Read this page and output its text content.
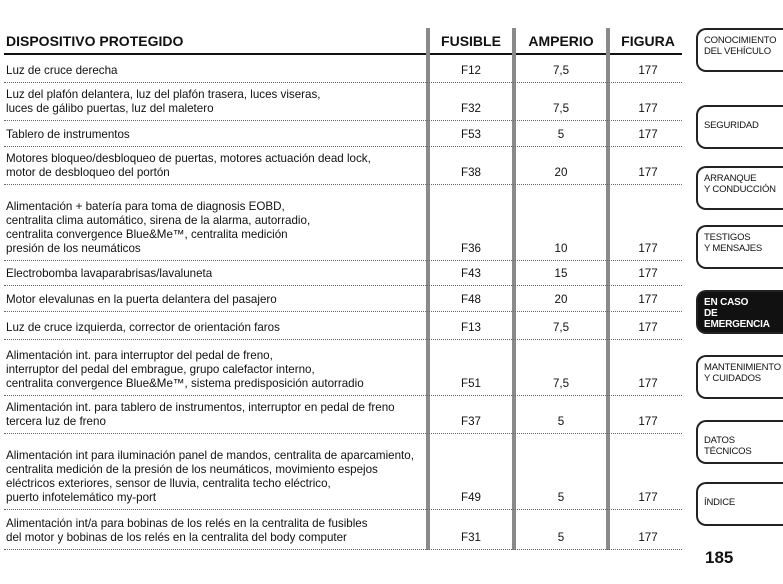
DISPOSITIVO PROTEGIDO	FUSIBLE	AMPERIO	FIGURA
Luz de cruce derecha	F12	7,5	177
Luz del plafón delantera, luz del plafón trasera, luces viseras,
luces de gálibo puertas, luz del maletero	F32	7,5	177
Tablero de instrumentos	F53	5	177
Motores bloqueo/desbloqueo de puertas, motores actuación dead lock,
motor de desbloqueo del portón	F38	20	177
Alimentación + batería para toma de diagnosis EOBD,
centralita clima automático, sirena de la alarma, autorradio,
centralita convergence Blue&Me™, centralita medición
presión de los neumáticos	F36	10	177
Electrobomba lavaparabrisas/lavaluneta	F43	15	177
Motor elevalunas en la puerta delantera del pasajero	F48	20	177
Luz de cruce izquierda, corrector de orientación faros	F13	7,5	177
Alimentación int. para interruptor del pedal de freno,
interruptor del pedal del embrague, grupo calefactor interno,
centralita convergence Blue&Me™, sistema predisposición autorradio	F51	7,5	177
Alimentación int. para tablero de instrumentos, interruptor en pedal de freno
tercera luz de freno	F37	5	177
Alimentación int para iluminación panel de mandos, centralita de aparcamiento,
centralita medición de la presión de los neumáticos, movimiento espejos
eléctricos exteriores, sensor de lluvia, centralita techo eléctrico,
puerto infotelemático my-port	F49	5	177
Alimentación int/a para bobinas de los relés en la centralita de fusibles
del motor y bobinas de los relés en la centralita del body computer	F31	5	177
CONOCIMIENTO
DEL VEHÍCULO
SEGURIDAD
ARRANQUE
Y CONDUCCIÓN
TESTIGOS
Y MENSAJES
EN CASO
DE EMERGENCIA
MANTENIMIENTO
Y CUIDADOS
DATOS TÉCNICOS
ÍNDICE
185
